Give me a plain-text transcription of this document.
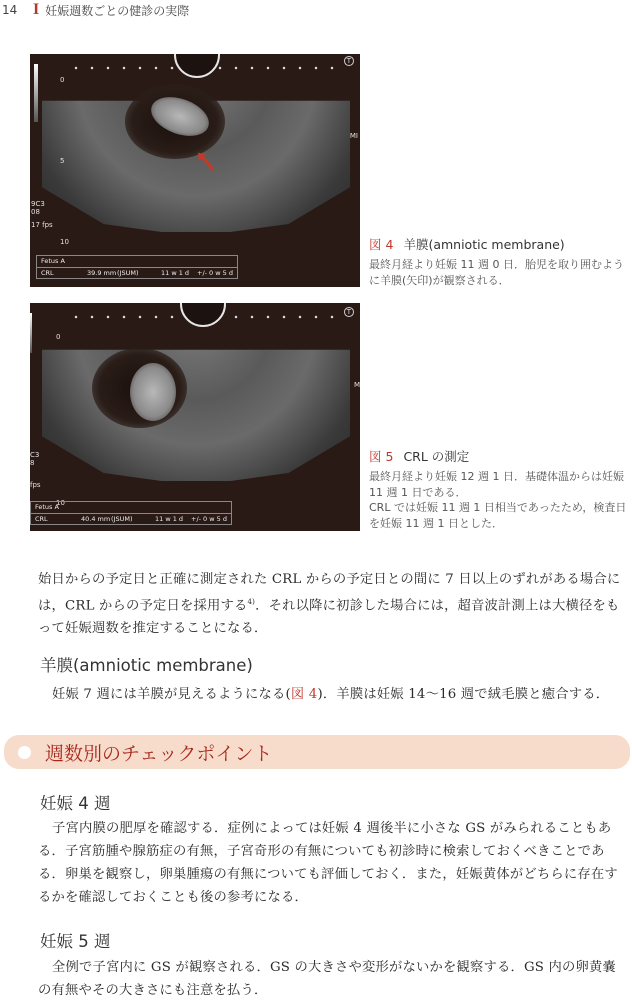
14 I 妊娠週数ごとの健診の実際
0
5
10
9C3
08
17 fps
MI
T
Fetus A
CRL	39.9 mm (JSUM)	11 w 1 d +/- 0 w 5 d
図 4 羊膜(amniotic membrane)
最終月経より妊娠 11 週 0 日．胎児を取り囲むように羊膜(矢印)が観察される．
0
10
C3
8
fps
M
T
Fetus A
CRL	40.4 mm (JSUM)	11 w 1 d +/- 0 w 5 d
図 5 CRL の測定
最終月経より妊娠 12 週 1 日．基礎体温からは妊娠 11 週 1 日である．
CRL では妊娠 11 週 1 日相当であったため，検査日を妊娠 11 週 1 日とした．
始日からの予定日と正確に測定された CRL からの予定日との間に 7 日以上のずれがある場合には，CRL からの予定日を採用する$^{4)}$．それ以降に初診した場合には，超音波計測上は大横径をもって妊娠週数を推定することになる．
羊膜(amniotic membrane)
妊娠 7 週には羊膜が見えるようになる(図 4)．羊膜は妊娠 14～16 週で絨毛膜と癒合する．
週数別のチェックポイント
妊娠 4 週
子宮内膜の肥厚を確認する．症例によっては妊娠 4 週後半に小さな GS がみられることもある．子宮筋腫や腺筋症の有無，子宮奇形の有無についても初診時に検索しておくべきことである．卵巣を観察し，卵巣腫瘍の有無についても評価しておく．また，妊娠黄体がどちらに存在するかを確認しておくことも後の参考になる．
妊娠 5 週
全例で子宮内に GS が観察される．GS の大きさや変形がないかを観察する．GS 内の卵黄嚢の有無やその大きさにも注意を払う．
